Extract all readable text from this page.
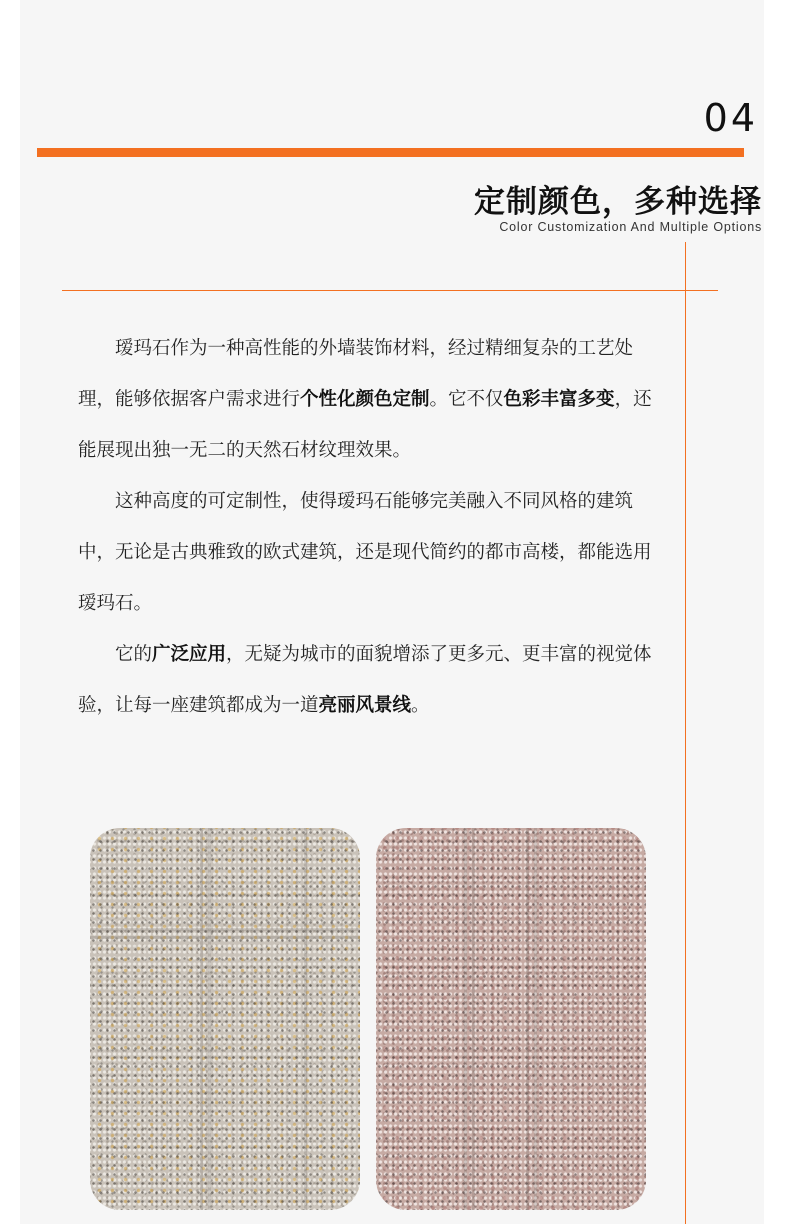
04
定制颜色，多种选择
Color Customization And Multiple Options

瑷玛石作为一种高性能的外墙装饰材料，经过精细复杂的工艺处理，能够依据客户需求进行个性化颜色定制。它不仅色彩丰富多变，还能展现出独一无二的天然石材纹理效果。

这种高度的可定制性，使得瑷玛石能够完美融入不同风格的建筑中，无论是古典雅致的欧式建筑，还是现代简约的都市高楼，都能选用瑷玛石。

它的广泛应用，无疑为城市的面貌增添了更多元、更丰富的视觉体验，让每一座建筑都成为一道亮丽风景线。
